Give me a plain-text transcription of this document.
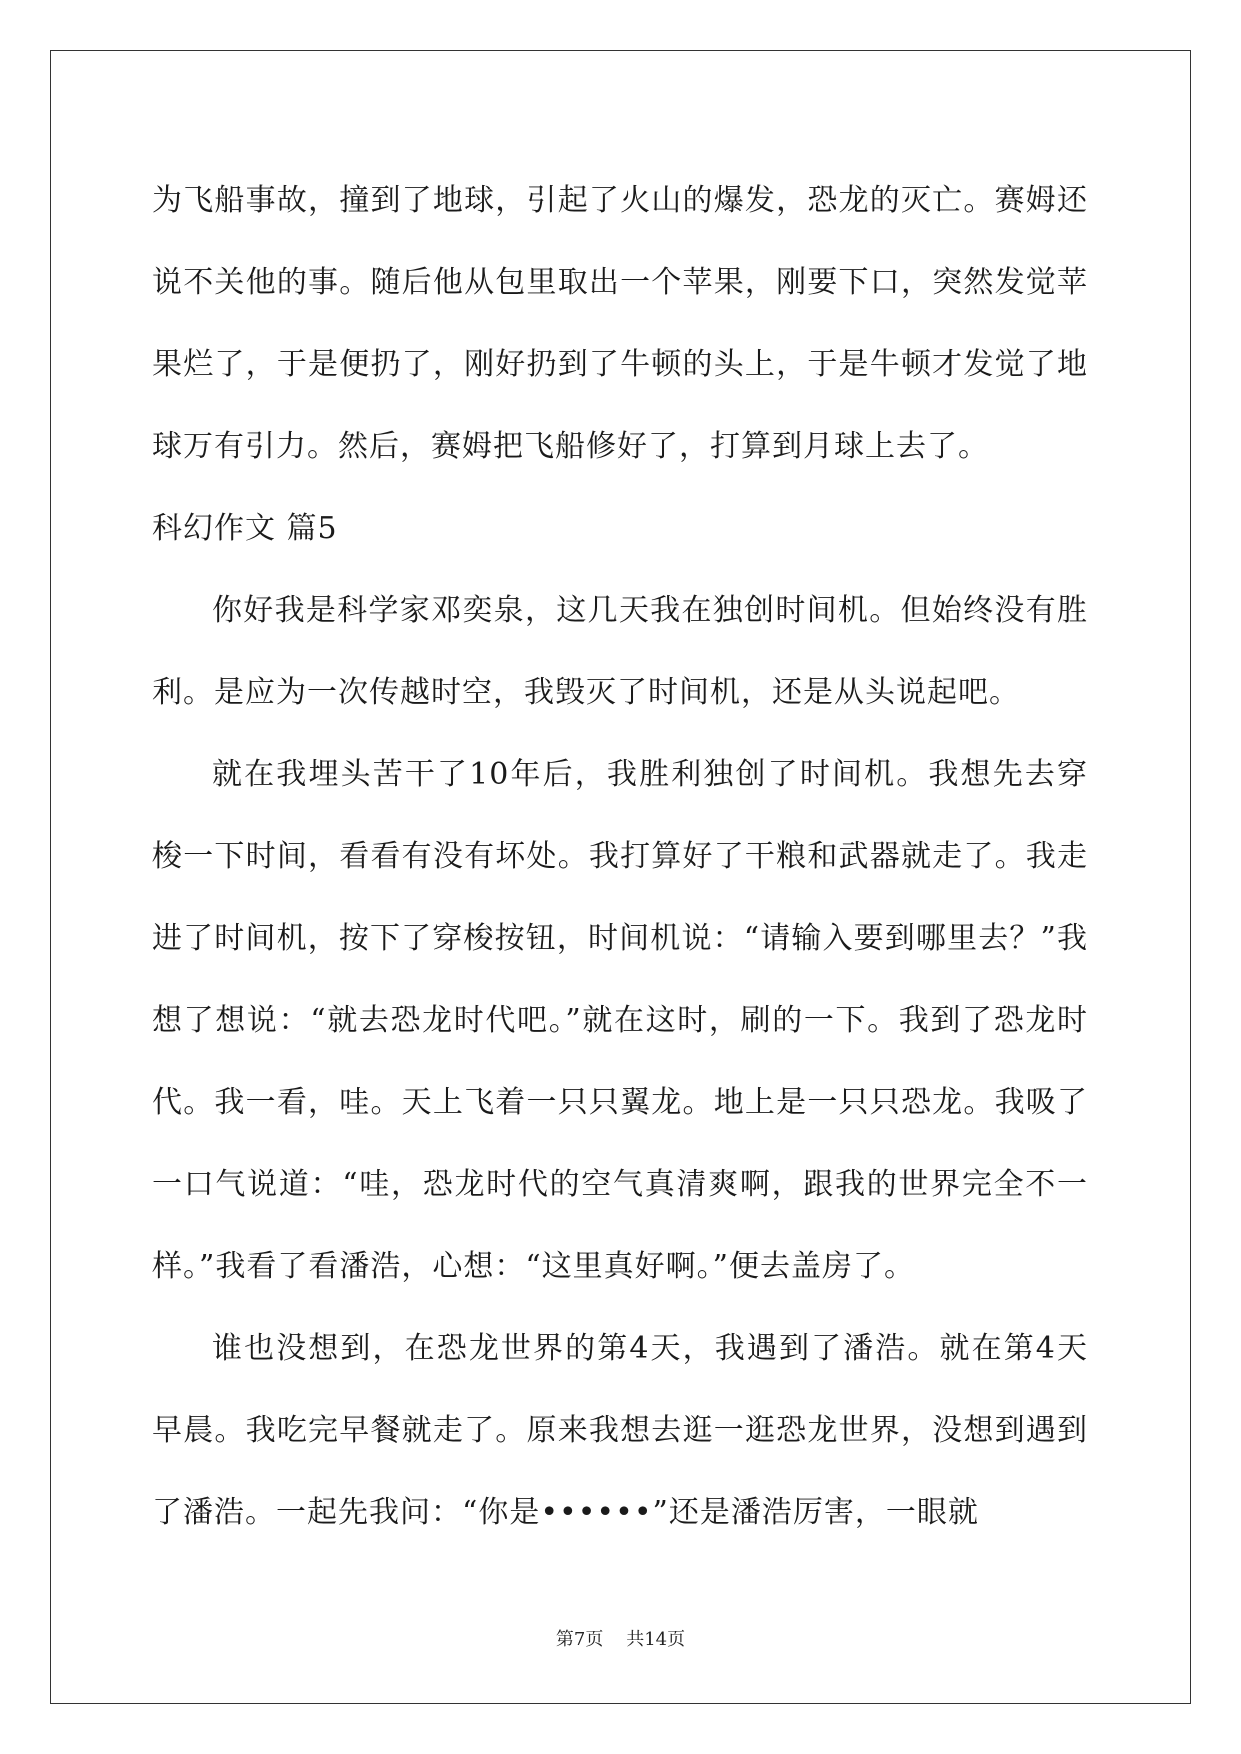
为飞船事故，撞到了地球，引起了火山的爆发，恐龙的灭亡。赛姆还说不关他的事。随后他从包里取出一个苹果，刚要下口，突然发觉苹果烂了，于是便扔了，刚好扔到了牛顿的头上，于是牛顿才发觉了地球万有引力。然后，赛姆把飞船修好了，打算到月球上去了。

科幻作文 篇5

你好我是科学家邓奕泉，这几天我在独创时间机。但始终没有胜利。是应为一次传越时空，我毁灭了时间机，还是从头说起吧。

就在我埋头苦干了10年后，我胜利独创了时间机。我想先去穿梭一下时间，看看有没有坏处。我打算好了干粮和武器就走了。我走进了时间机，按下了穿梭按钮，时间机说：“请输入要到哪里去？”我想了想说：“就去恐龙时代吧。”就在这时，刷的一下。我到了恐龙时代。我一看，哇。天上飞着一只只翼龙。地上是一只只恐龙。我吸了一口气说道：“哇，恐龙时代的空气真清爽啊，跟我的世界完全不一样。”我看了看潘浩，心想：“这里真好啊。”便去盖房了。

谁也没想到，在恐龙世界的第4天，我遇到了潘浩。就在第4天早晨。我吃完早餐就走了。原来我想去逛一逛恐龙世界，没想到遇到了潘浩。一起先我问：“你是••••••”还是潘浩厉害，一眼就

第7页 共14页
